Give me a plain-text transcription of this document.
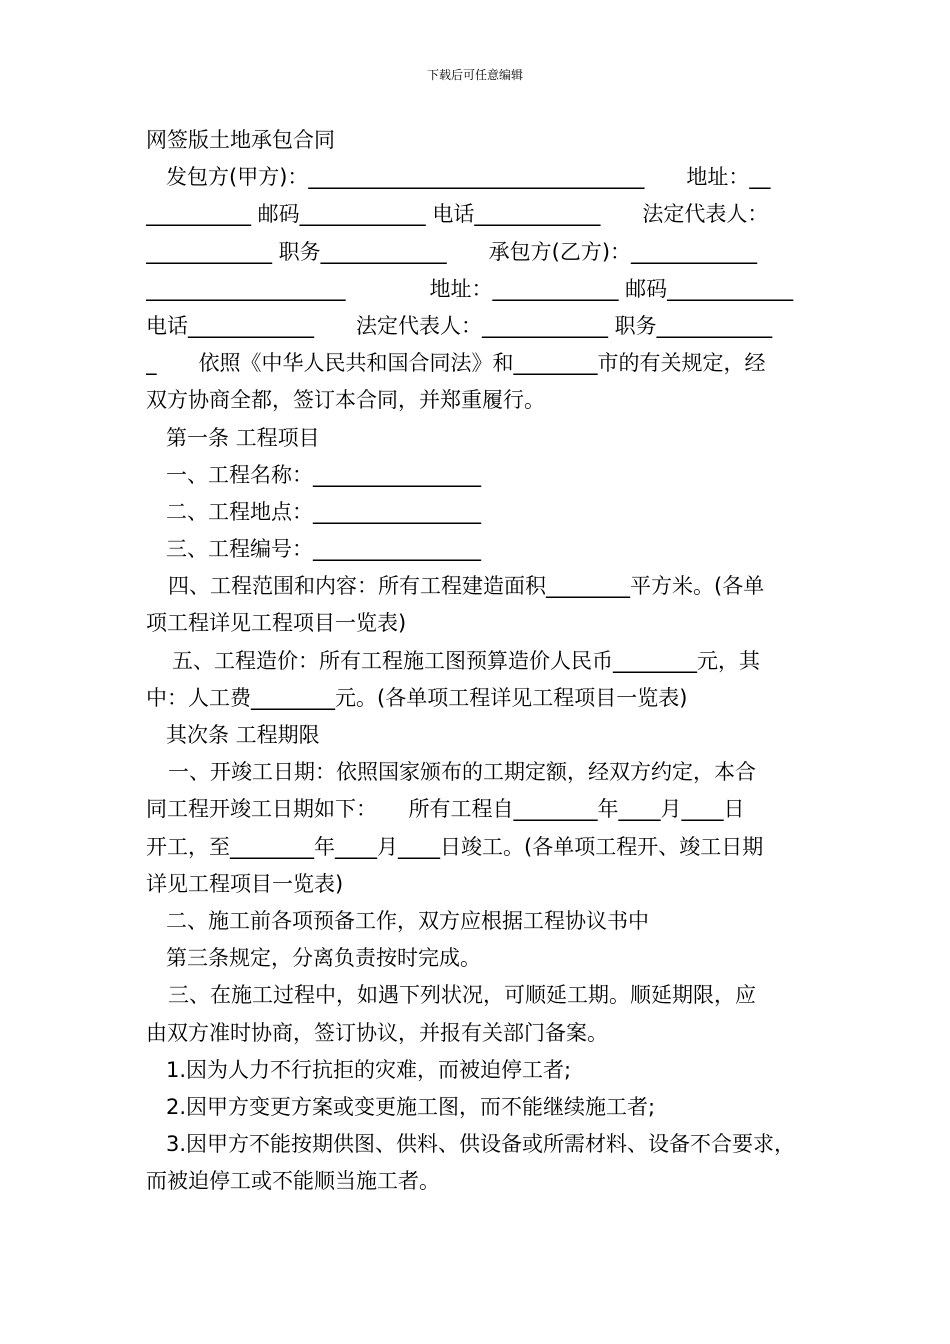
下载后可任意编辑
网签版土地承包合同
发包方(甲方)：________________________________　　地址：__
__________ 邮码____________ 电话____________　　法定代表人：
____________ 职务____________　　承包方(乙方)：____________
___________________　　　　地址：____________ 邮码____________
电话____________　　法定代表人：____________ 职务___________
_　　依照《中华人民共和国合同法》和________市的有关规定，经
双方协商全都，签订本合同，并郑重履行。
第一条 工程项目
一、工程名称：________________
二、工程地点：________________
三、工程编号：________________
四、工程范围和内容：所有工程建造面积________平方米。(各单
项工程详见工程项目一览表)
五、工程造价：所有工程施工图预算造价人民币________元，其
中：人工费________元。(各单项工程详见工程项目一览表)
其次条 工程期限
一、开竣工日期：依照国家颁布的工期定额，经双方约定，本合
同工程开竣工日期如下：　　所有工程自________年____月____日
开工，至________年____月____日竣工。(各单项工程开、竣工日期
详见工程项目一览表)
二、施工前各项预备工作，双方应根据工程协议书中
第三条规定，分离负责按时完成。
三、在施工过程中，如遇下列状况，可顺延工期。顺延期限，应
由双方准时协商，签订协议，并报有关部门备案。
1.因为人力不行抗拒的灾难，而被迫停工者;
2.因甲方变更方案或变更施工图，而不能继续施工者;
3.因甲方不能按期供图、供料、供设备或所需材料、设备不合要求，
而被迫停工或不能顺当施工者。
